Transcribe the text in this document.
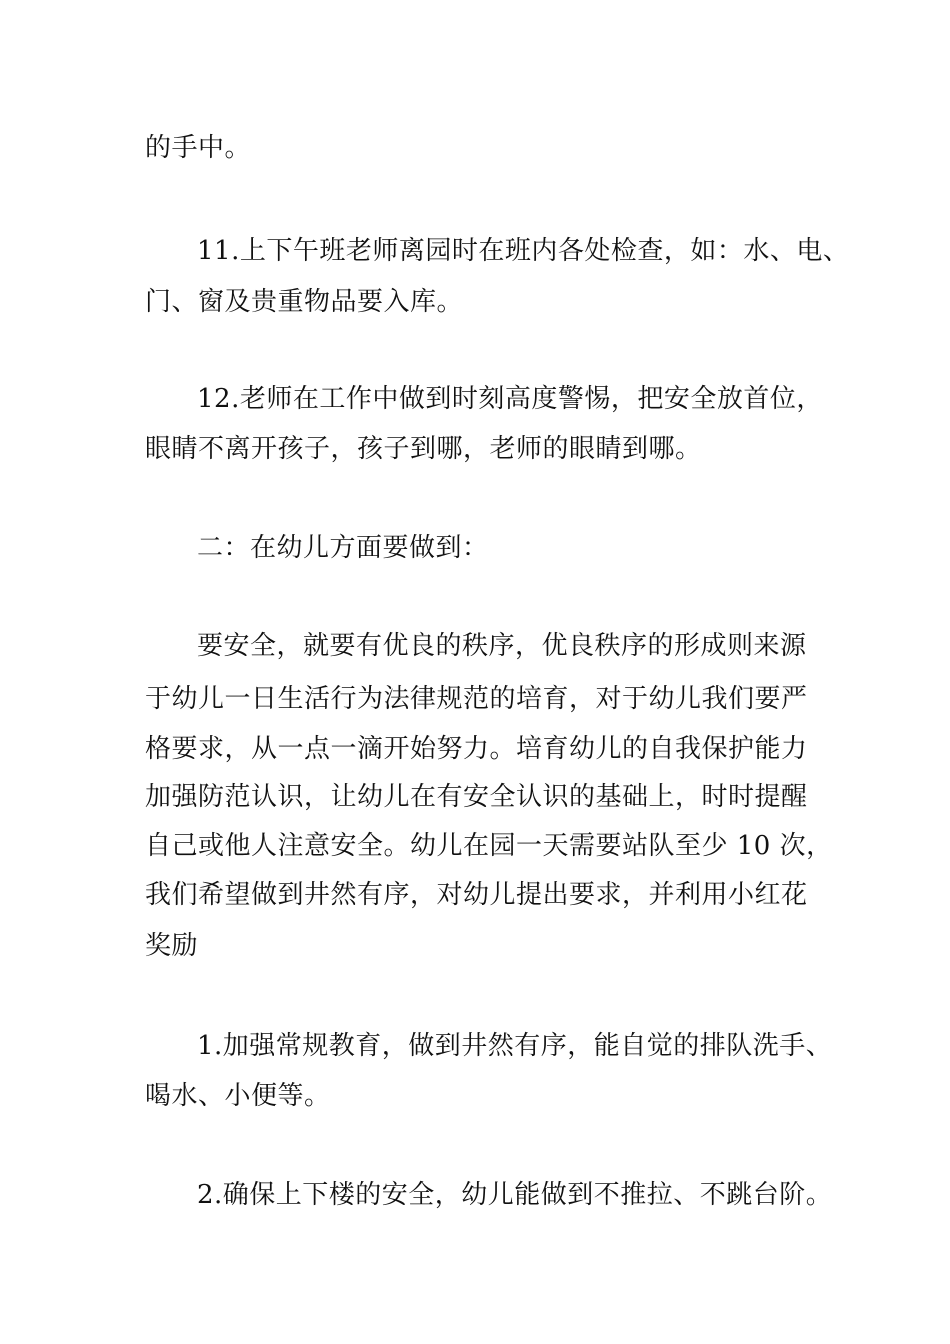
的手中。
11.上下午班老师离园时在班内各处检查，如：水、电、
门、窗及贵重物品要入库。
12.老师在工作中做到时刻高度警惕，把安全放首位，
眼睛不离开孩子，孩子到哪，老师的眼睛到哪。
二：在幼儿方面要做到：
要安全，就要有优良的秩序，优良秩序的形成则来源
于幼儿一日生活行为法律规范的培育，对于幼儿我们要严
格要求，从一点一滴开始努力。培育幼儿的自我保护能力
加强防范认识，让幼儿在有安全认识的基础上，时时提醒
自己或他人注意安全。幼儿在园一天需要站队至少 10 次，
我们希望做到井然有序，对幼儿提出要求，并利用小红花
奖励
1.加强常规教育，做到井然有序，能自觉的排队洗手、
喝水、小便等。
2.确保上下楼的安全，幼儿能做到不推拉、不跳台阶。
